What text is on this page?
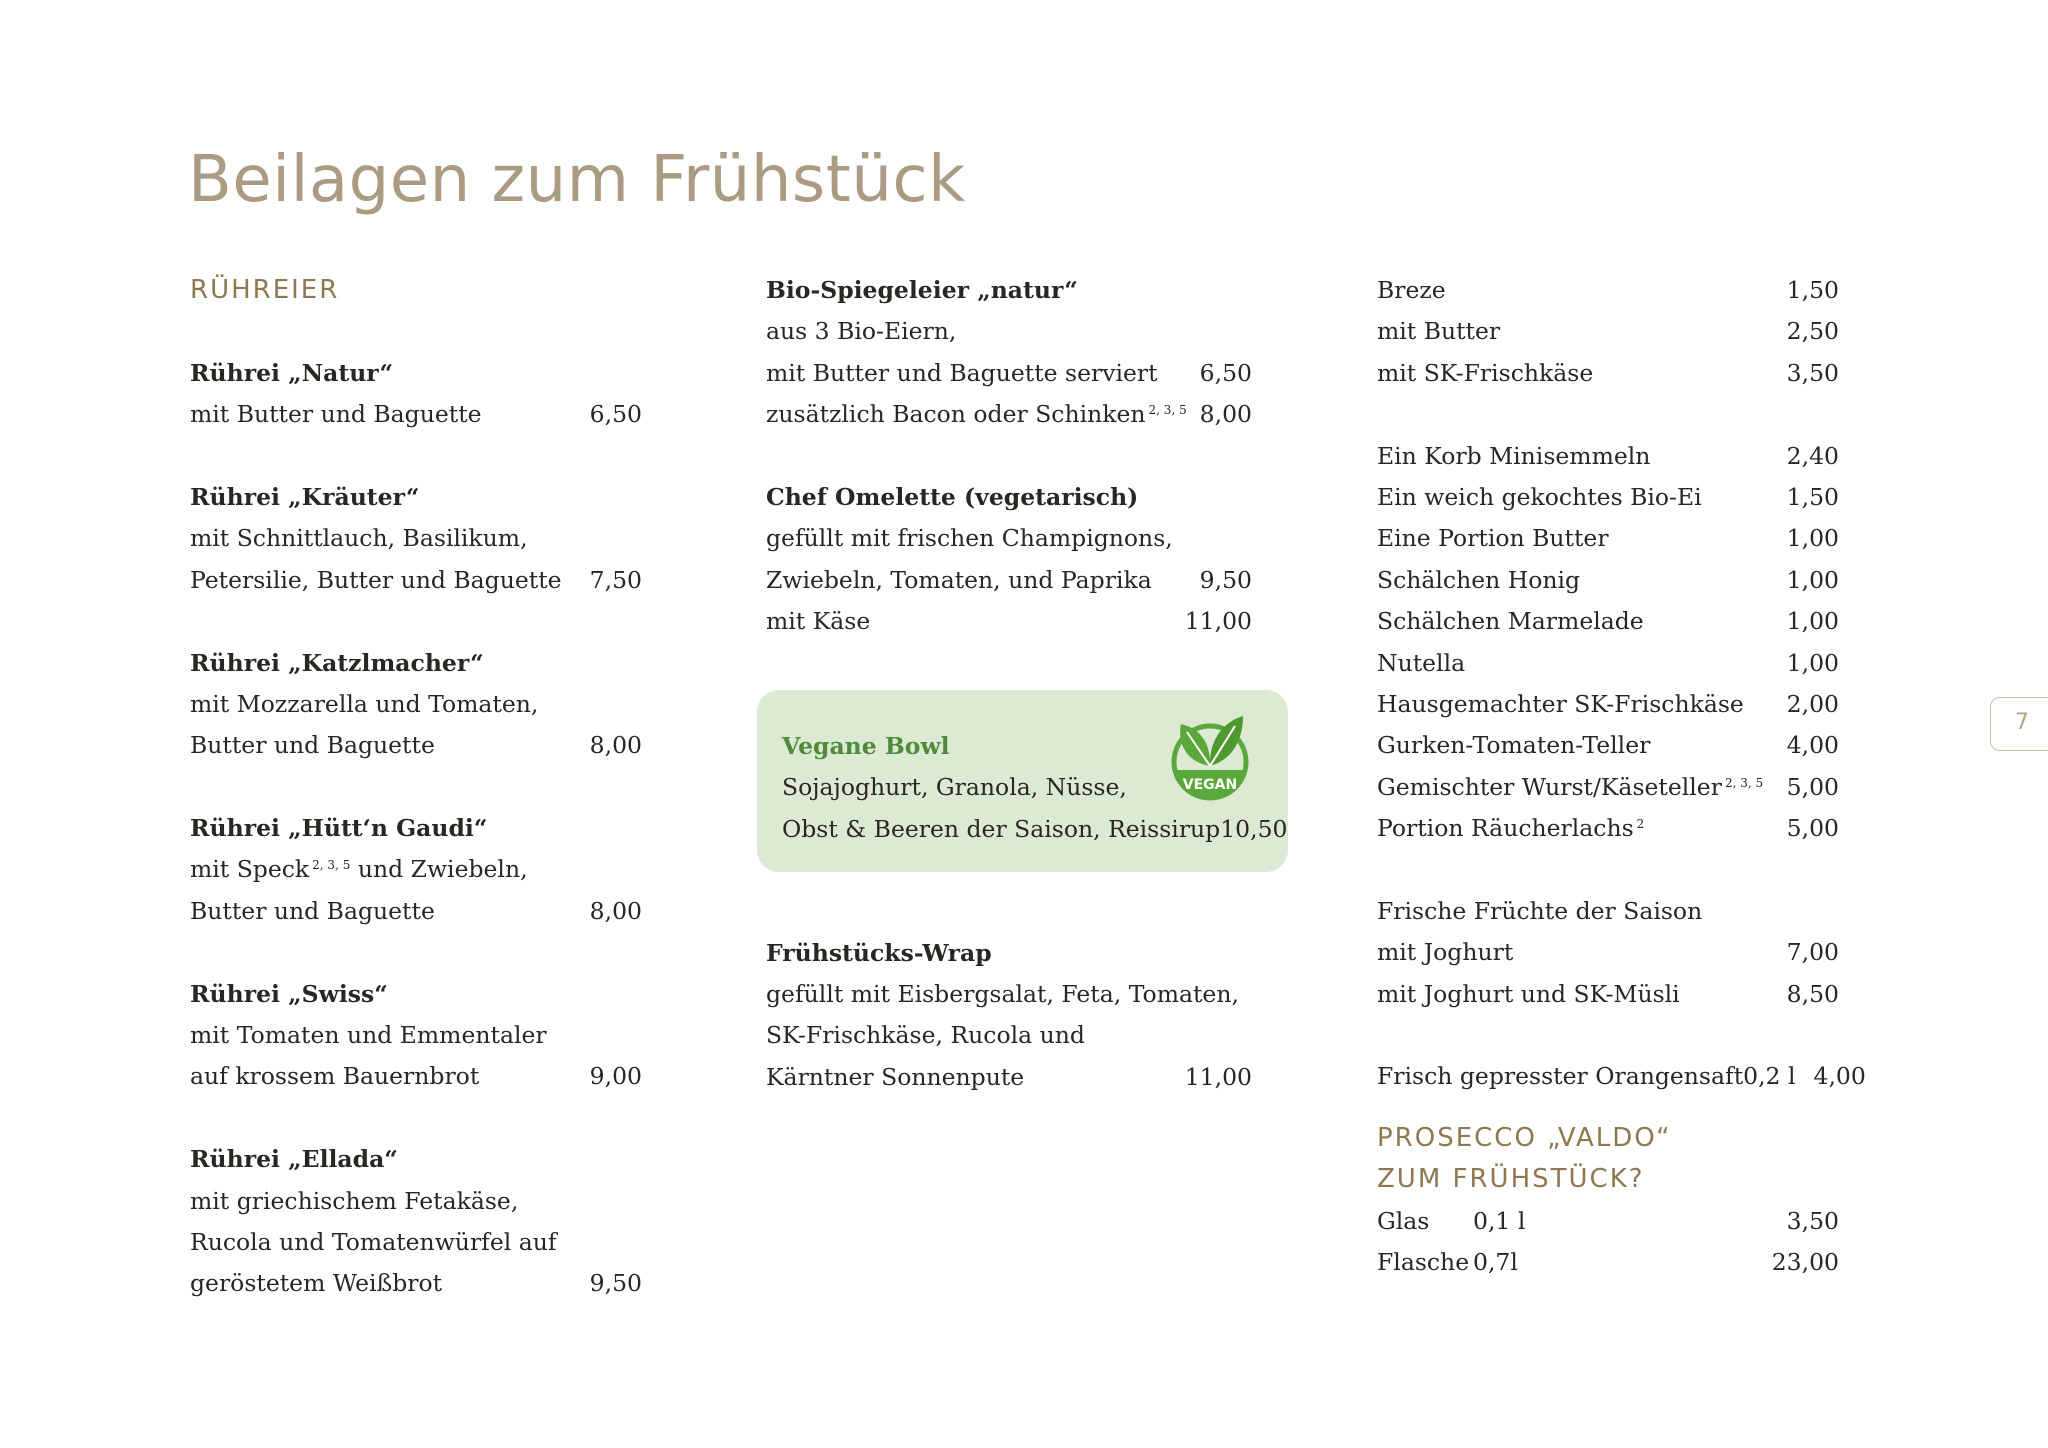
Beilagen zum Frühstück
RÜHREIER
Rührei „Natur“
mit Butter und Baguette	6,50
Rührei „Kräuter“
mit Schnittlauch, Basilikum,
Petersilie, Butter und Baguette 7,50
Rührei „Katzlmacher“
mit Mozzarella und Tomaten,
Butter und Baguette	8,00
Rührei „Hütt‘n Gaudi“
mit Speck $^{2, 3, 5}$ und Zwiebeln,
Butter und Baguette	8,00
Rührei „Swiss“
mit Tomaten und Emmentaler
auf krossem Bauernbrot	9,00
Rührei „Ellada“
mit griechischem Fetakäse,
Rucola und Tomatenwürfel auf
geröstetem Weißbrot	9,50
Bio-Spiegeleier „natur“
aus 3 Bio-Eiern,
mit Butter und Baguette serviert 6,50
zusätzlich Bacon oder Schinken $^{2, 3, 5}$ 8,00
Chef Omelette (vegetarisch)
gefüllt mit frischen Champignons,
Zwiebeln, Tomaten, und Paprika 9,50
mit Käse	11,00
Frühstücks-Wrap
gefüllt mit Eisbergsalat, Feta, Tomaten,
SK-Frischkäse, Rucola und
Kärntner Sonnenpute	11,00
Vegane Bowl
Sojajoghurt, Granola, Nüsse,
Obst & Beeren der Saison, Reissirup 10,50
VEGAN
Breze	1,50
mit Butter	2,50
mit SK-Frischkäse	3,50
Ein Korb Minisemmeln	2,40
Ein weich gekochtes Bio-Ei	1,50
Eine Portion Butter	1,00
Schälchen Honig	1,00
Schälchen Marmelade	1,00
Nutella	1,00
Hausgemachter SK-Frischkäse 2,00
Gurken-Tomaten-Teller	4,00
Gemischter Wurst/Käseteller $^{2, 3, 5}$ 5,00
Portion Räucherlachs $^2$	5,00
Frische Früchte der Saison
mit Joghurt	7,00
mit Joghurt und SK-Müsli	8,50
Frisch gepresster Orangensaft 0,2 l 4,00
PROSECCO „VALDO“
ZUM FRÜHSTÜCK?
Glas 0,1 l	3,50
Flasche 0,7l	23,00
7
